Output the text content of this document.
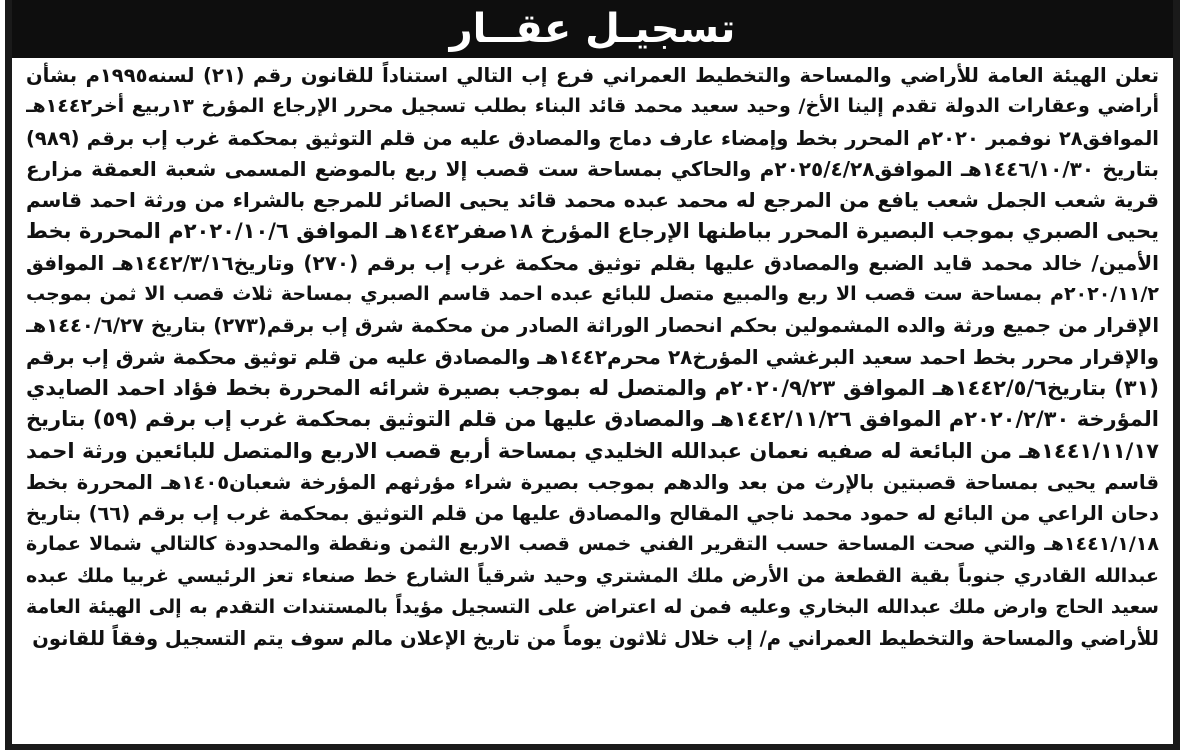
تسجيـل عقــار
تعلن الهيئة العامة للأراضي والمساحة والتخطيط العمراني فرع إب التالي استناداً للقانون رقم (٢١) لسنه١٩٩٥م بشأن
أراضي وعقارات الدولة تقدم إلينا الأخ/ وحيد سعيد محمد قائد البناء بطلب تسجيل محرر الإرجاع المؤرخ ١٣ربيع أخر١٤٤٢هـ
الموافق٢٨ نوفمبر ٢٠٢٠م المحرر بخط وإمضاء عارف دماج والمصادق عليه من قلم التوثيق بمحكمة غرب إب برقم (٩٨٩)
بتاريخ ١٤٤٦/١٠/٣٠هـ الموافق٢٠٢٥/٤/٢٨م والحاكي بمساحة ست قصب إلا ربع بالموضع المسمى شعبة العمقة مزارع
قرية شعب الجمل شعب يافع من المرجع له محمد عبده محمد قائد يحيى الصائر للمرجع بالشراء من ورثة احمد قاسم
يحيى الصبري بموجب البصيرة المحرر بباطنها الإرجاع المؤرخ ١٨صفر١٤٤٢هـ الموافق ٢٠٢٠/١٠/٦م المحررة بخط
الأمين/ خالد محمد قايد الضبع والمصادق عليها بقلم توثيق محكمة غرب إب برقم (٢٧٠) وتاريخ١٤٤٢/٣/١٦هـ الموافق
٢٠٢٠/١١/٢م بمساحة ست قصب الا ربع والمبيع متصل للبائع عبده احمد قاسم الصبري بمساحة ثلاث قصب الا ثمن بموجب
الإقرار من جميع ورثة والده المشمولين بحكم انحصار الوراثة الصادر من محكمة شرق إب برقم(٢٧٣) بتاريخ ١٤٤٠/٦/٢٧هـ
والإقرار محرر بخط احمد سعيد البرغشي المؤرخ٢٨ محرم١٤٤٢هـ والمصادق عليه من قلم توثيق محكمة شرق إب برقم
(٣١) بتاريخ١٤٤٢/٥/٦هـ الموافق ٢٠٢٠/٩/٢٣م والمتصل له بموجب بصيرة شرائه المحررة بخط فؤاد احمد الصايدي
المؤرخة ٢٠٢٠/٢/٣٠م الموافق ١٤٤٢/١١/٢٦هـ والمصادق عليها من قلم التوثيق بمحكمة غرب إب برقم (٥٩) بتاريخ
١٤٤١/١١/١٧هـ من البائعة له صفيه نعمان عبدالله الخليدي بمساحة أربع قصب الاربع والمتصل للبائعين ورثة احمد
قاسم يحيى بمساحة قصبتين بالإرث من بعد والدهم بموجب بصيرة شراء مؤرثهم المؤرخة شعبان١٤٠٥هـ المحررة بخط
دحان الراعي من البائع له حمود محمد ناجي المقالح والمصادق عليها من قلم التوثيق بمحكمة غرب إب برقم (٦٦) بتاريخ
١٤٤١/١/١٨هـ والتي صحت المساحة حسب التقرير الفني خمس قصب الاربع الثمن ونقطة والمحدودة كالتالي شمالا عمارة
عبدالله القادري جنوباً بقية القطعة من الأرض ملك المشتري وحيد شرقياً الشارع خط صنعاء تعز الرئيسي غربيا ملك عبده
سعيد الحاج وارض ملك عبدالله البخاري وعليه فمن له اعتراض على التسجيل مؤيداً بالمستندات التقدم به إلى الهيئة العامة
للأراضي والمساحة والتخطيط العمراني م/ إب خلال ثلاثون يوماً من تاريخ الإعلان مالم سوف يتم التسجيل وفقاً للقانون
